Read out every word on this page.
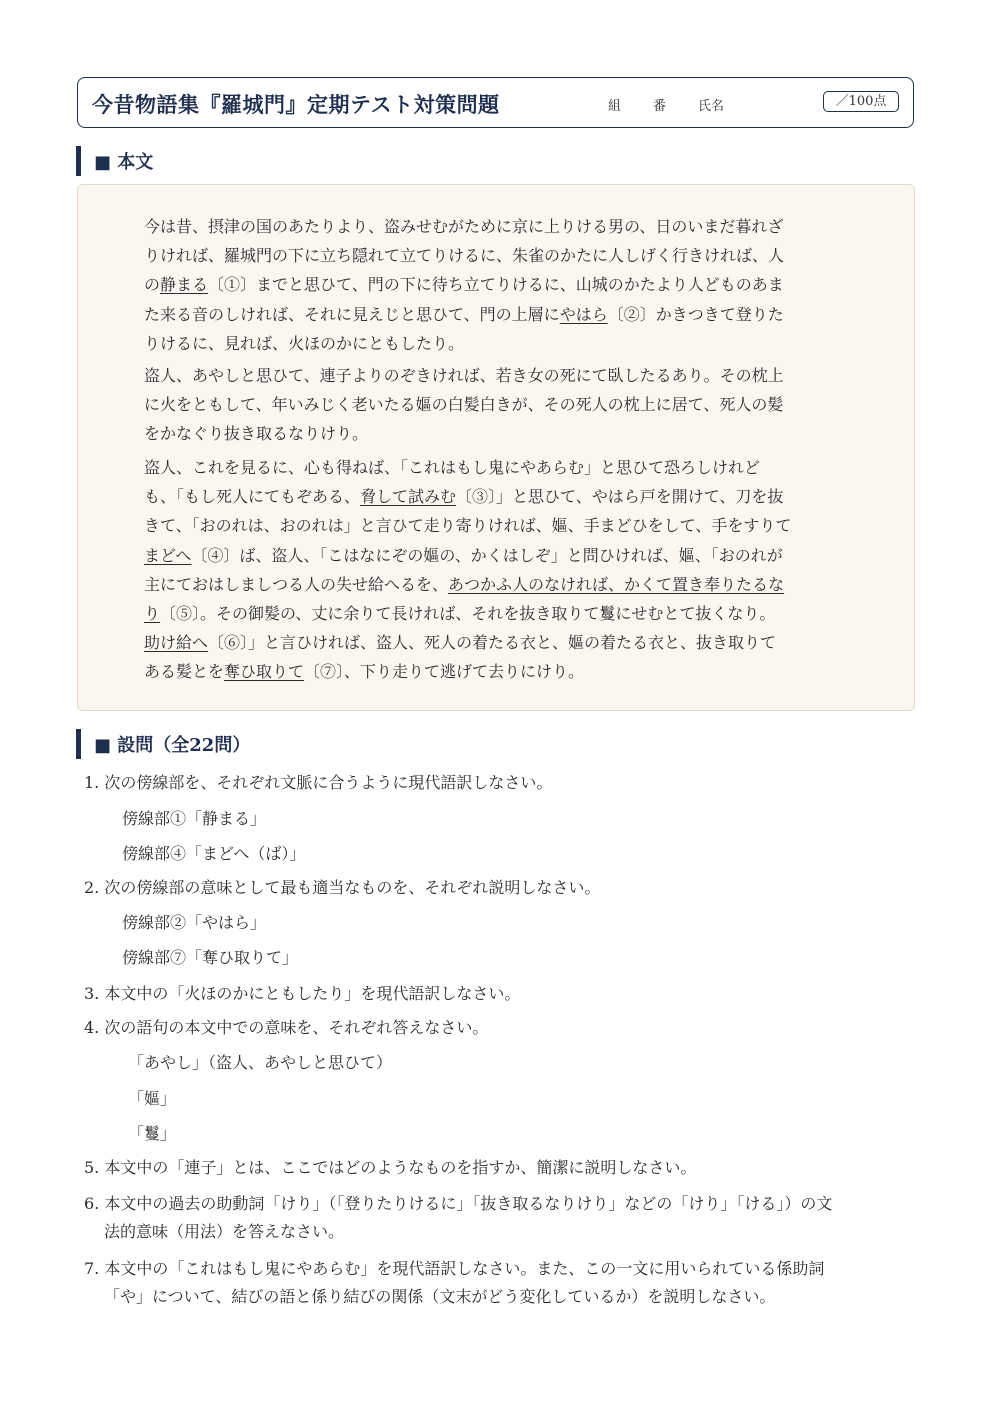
今昔物語集『羅城門』定期テスト対策問題	組 番 氏名	／100点
■ 本文
今は昔、摂津の国のあたりより、盗みせむがために京に上りける男の、日のいまだ暮れざ
りければ、羅城門の下に立ち隠れて立てりけるに、朱雀のかたに人しげく行きければ、人
の静まる〔①〕までと思ひて、門の下に待ち立てりけるに、山城のかたより人どものあま
た来る音のしければ、それに見えじと思ひて、門の上層にやはら〔②〕かきつきて登りた
りけるに、見れば、火ほのかにともしたり。
盗人、あやしと思ひて、連子よりのぞきければ、若き女の死にて臥したるあり。その枕上
に火をともして、年いみじく老いたる嫗の白髪白きが、その死人の枕上に居て、死人の髪
をかなぐり抜き取るなりけり。
盗人、これを見るに、心も得ねば、「これはもし鬼にやあらむ」と思ひて恐ろしけれど
も、「もし死人にてもぞある、脅して試みむ〔③〕」と思ひて、やはら戸を開けて、刀を抜
きて、「おのれは、おのれは」と言ひて走り寄りければ、嫗、手まどひをして、手をすりて
まどへ〔④〕ば、盗人、「こはなにぞの嫗の、かくはしぞ」と問ひければ、嫗、「おのれが
主にておはしましつる人の失せ給へるを、あつかふ人のなければ、かくて置き奉りたるな
り〔⑤〕。その御髪の、丈に余りて長ければ、それを抜き取りて鬘にせむとて抜くなり。
助け給へ〔⑥〕」と言ひければ、盗人、死人の着たる衣と、嫗の着たる衣と、抜き取りて
ある髪とを奪ひ取りて〔⑦〕、下り走りて逃げて去りにけり。
■ 設問（全22問）
1. 次の傍線部を、それぞれ文脈に合うように現代語訳しなさい。
傍線部①「静まる」
傍線部④「まどへ（ば）」
2. 次の傍線部の意味として最も適当なものを、それぞれ説明しなさい。
傍線部②「やはら」
傍線部⑦「奪ひ取りて」
3. 本文中の「火ほのかにともしたり」を現代語訳しなさい。
4. 次の語句の本文中での意味を、それぞれ答えなさい。
「あやし」（盗人、あやしと思ひて）
「嫗」
「鬘」
5. 本文中の「連子」とは、ここではどのようなものを指すか、簡潔に説明しなさい。
6. 本文中の過去の助動詞「けり」（「登りたりけるに」「抜き取るなりけり」などの「けり」「ける」）の文
法的意味（用法）を答えなさい。
7. 本文中の「これはもし鬼にやあらむ」を現代語訳しなさい。また、この一文に用いられている係助詞
「や」について、結びの語と係り結びの関係（文末がどう変化しているか）を説明しなさい。
